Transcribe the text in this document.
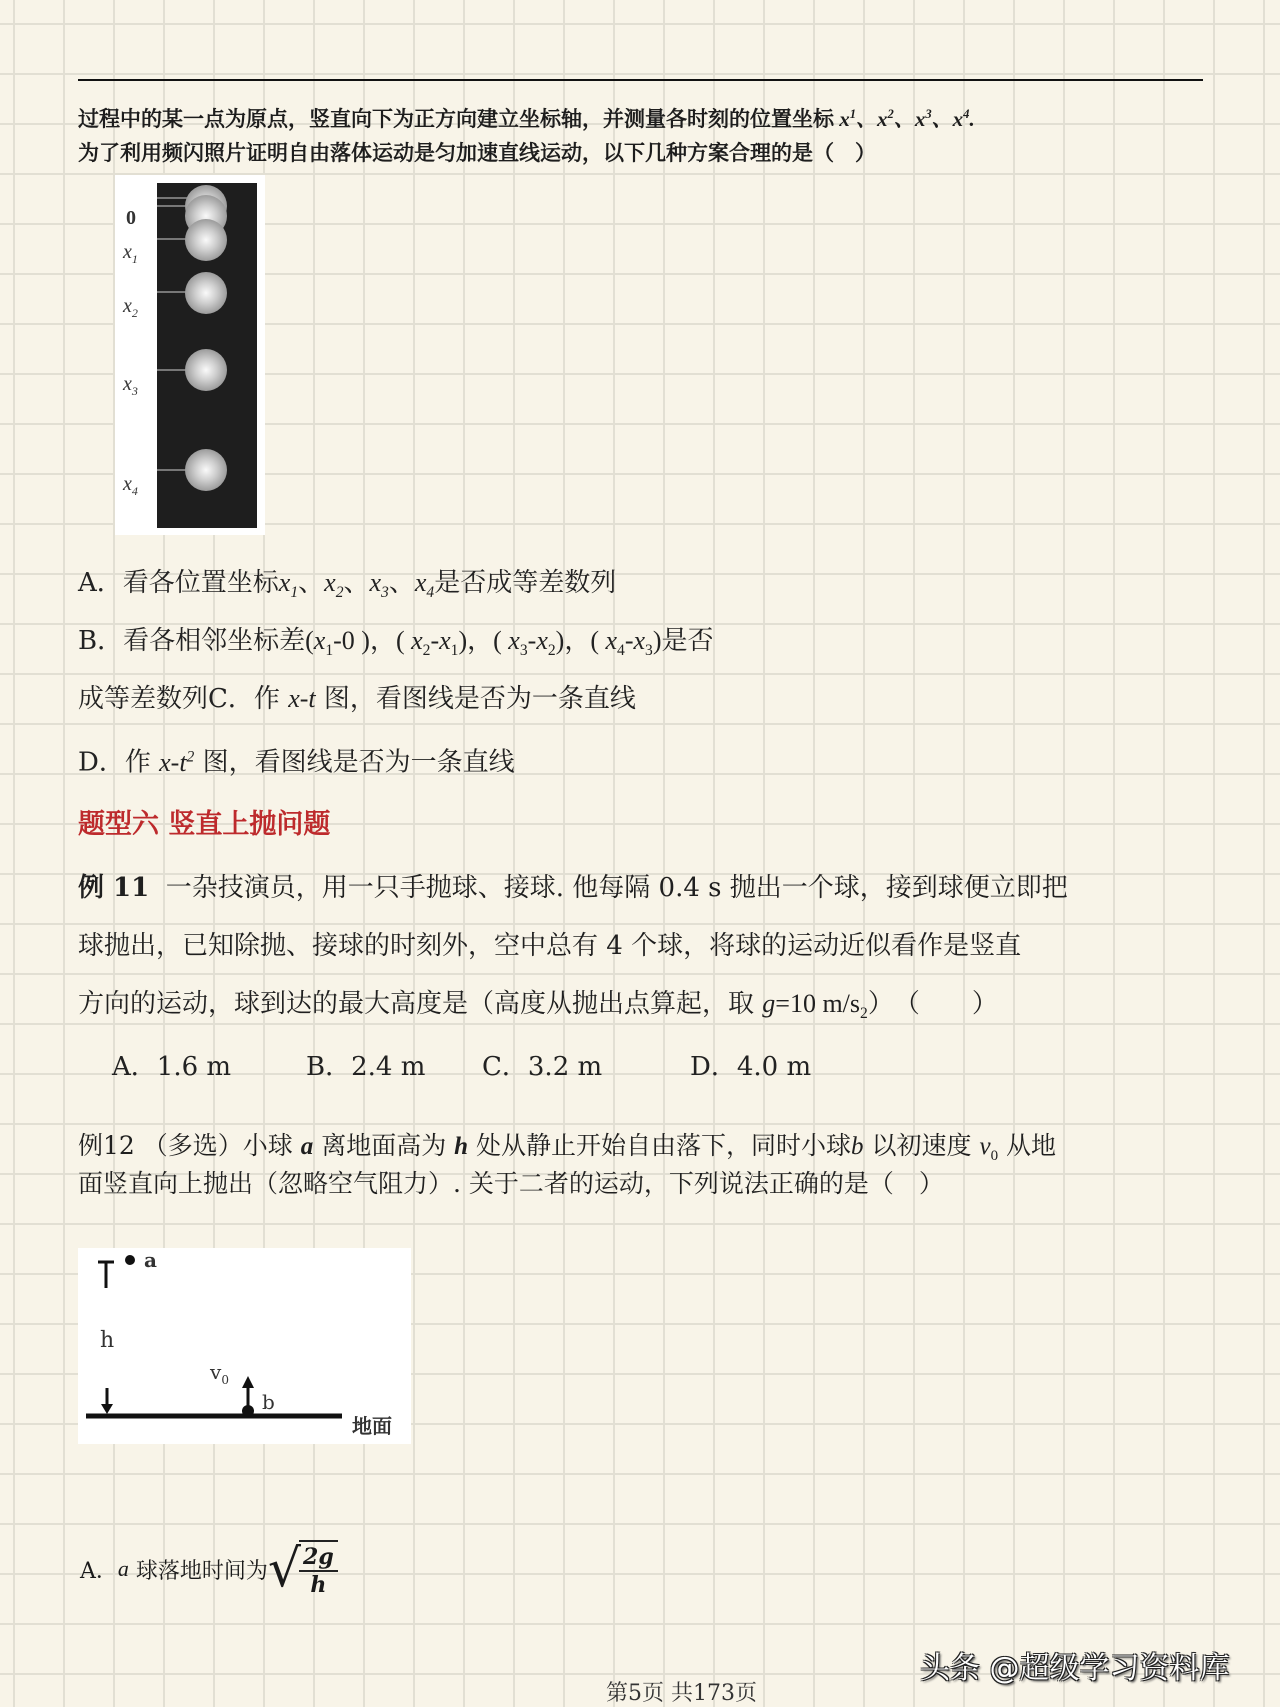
过程中的某一点为原点，竖直向下为正方向建立坐标轴，并测量各时刻的位置坐标 $x^1$、$x^2$、$x^3$、$x^4$.
为了利用频闪照片证明自由落体运动是匀加速直线运动，以下几种方案合理的是（　）
0
$x_1$
$x_2$
$x_3$
$x_4$
A．看各位置坐标$x_1$、$x_2$、$x_3$、$x_4$是否成等差数列
B．看各相邻坐标差($x_1-0$ )，( $x_2-x_1$)，( $x_3-x_2$)，( $x_4-x_3$)是否
成等差数列C．作 x-t 图，看图线是否为一条直线
D．作 $x-t^2$ 图，看图线是否为一条直线
题型六 竖直上抛问题
例 11 一杂技演员，用一只手抛球、接球. 他每隔 0.4 s 抛出一个球，接到球便立即把
球抛出，已知除抛、接球的时刻外，空中总有 4 个球，将球的运动近似看作是竖直
方向的运动，球到达的最大高度是（高度从抛出点算起，取 g=10 $m/s_2$）　（　　）
A．1.6 m	B．2.4 m C．3.2 m	D．4.0 m
例12 （多选）小球 a 离地面高为 h 处从静止开始自由落下，同时小球b 以初速度 $v_0$ 从地
面竖直向上抛出（忽略空气阻力）. 关于二者的运动，下列说法正确的是（　）
a
h
$v_0$
b
地面
A． a
球落地时间为 √
$\frac{2g}{h}$
头条 @超级学习资料库
第5页 共173页
